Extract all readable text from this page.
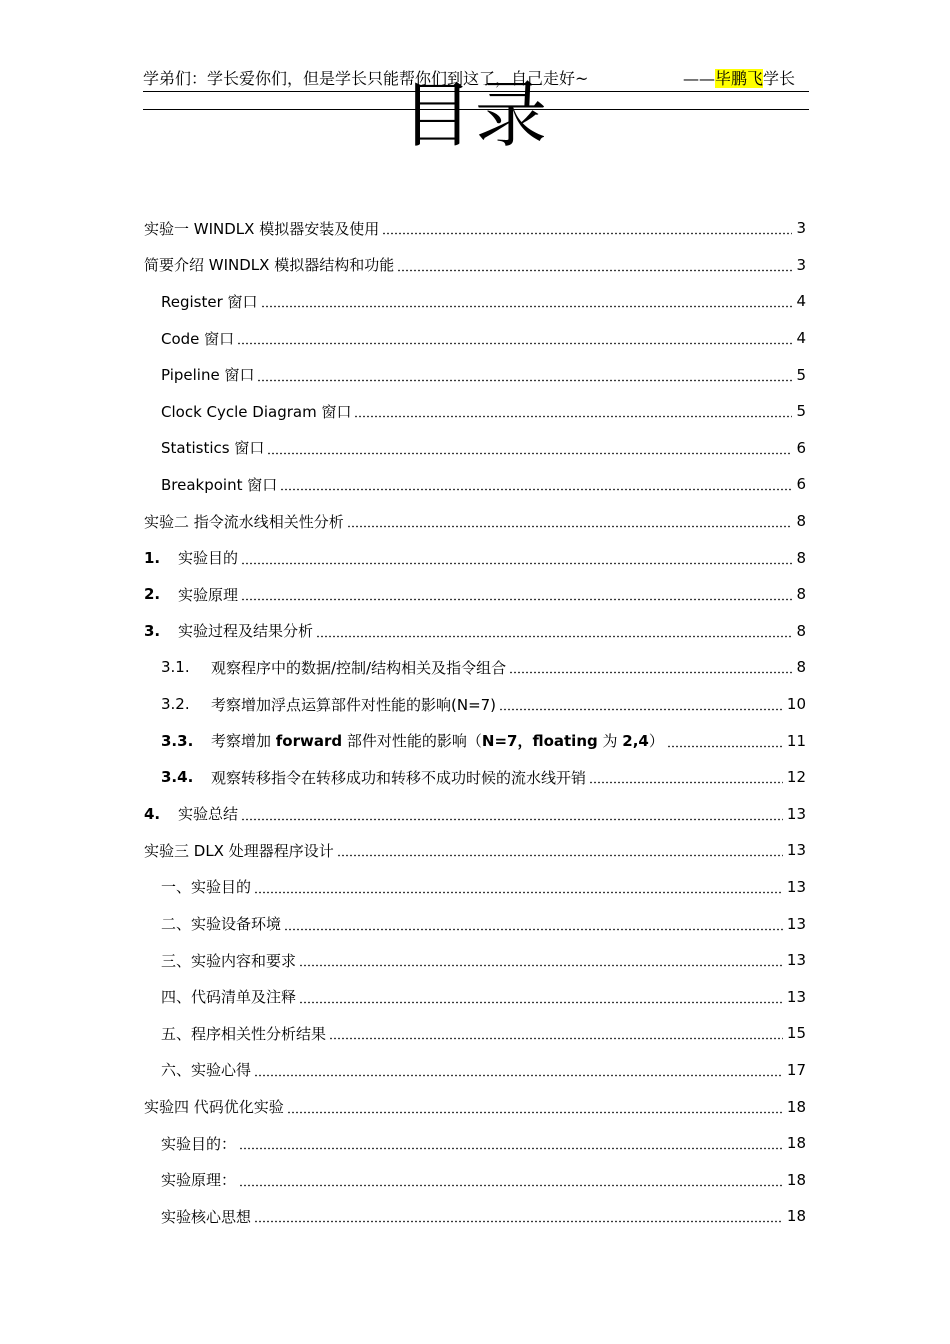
学弟们：学长爱你们，但是学长只能帮你们到这了，自己走好~	——毕鹏飞学长
目录
实验一 WINDLX 模拟器安装及使用	3
简要介绍 WINDLX 模拟器结构和功能	3
Register 窗口	4
Code 窗口	4
Pipeline 窗口	5
Clock Cycle Diagram 窗口	5
Statistics 窗口	6
Breakpoint 窗口	6
实验二 指令流水线相关性分析	8
1.	实验目的	8
2.	实验原理	8
3.	实验过程及结果分析	8
3.1.	观察程序中的数据/控制/结构相关及指令组合	8
3.2.	考察增加浮点运算部件对性能的影响(N=7)	10
3.3.	考察增加 forward 部件对性能的影响（N=7，floating 为 2,4）	11
3.4.	观察转移指令在转移成功和转移不成功时候的流水线开销	12
4.	实验总结	13
实验三 DLX 处理器程序设计	13
一、实验目的	13
二、实验设备环境	13
三、实验内容和要求	13
四、代码清单及注释	13
五、程序相关性分析结果	15
六、实验心得	17
实验四 代码优化实验	18
实验目的：	18
实验原理：	18
实验核心思想	18
